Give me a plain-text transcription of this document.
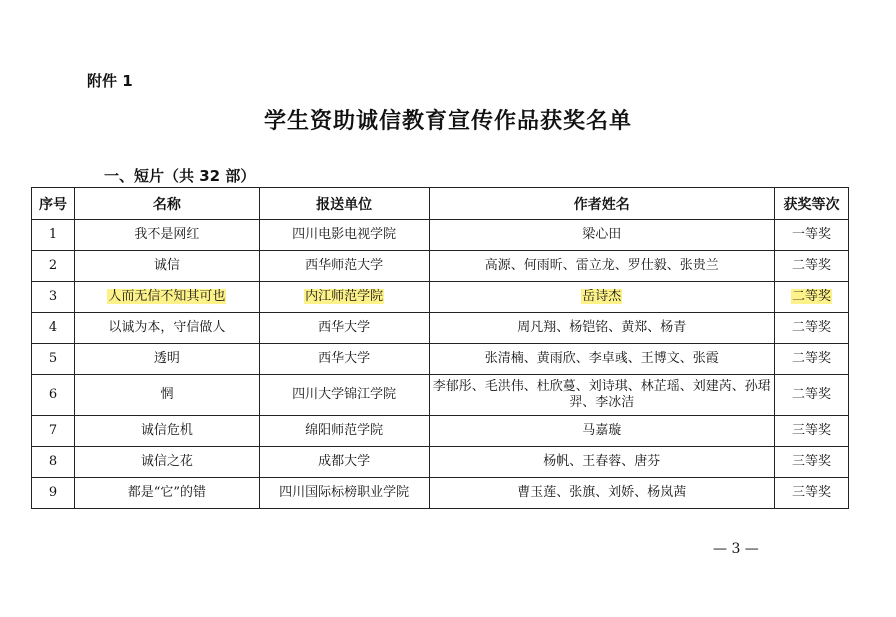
附件 1
学生资助诚信教育宣传作品获奖名单
一、短片（共 32 部）
序号	名称	报送单位	作者姓名	获奖等次
1	我不是网红	四川电影电视学院	梁心田	一等奖
2	诚信	西华师范大学	高源、何雨昕、雷立龙、罗仕毅、张贵兰	二等奖
3	人而无信不知其可也	内江师范学院	岳诗杰	二等奖
4	以诚为本，守信做人	西华大学	周凡翔、杨铠铭、黄郑、杨青	二等奖
5	透明	西华大学	张清楠、黄雨欣、李卓彧、王博文、张霞	二等奖
6	惘	四川大学锦江学院	李郁彤、毛洪伟、杜欣蔓、刘诗琪、林芷瑶、刘建芮、孙珺羿、李冰洁	二等奖
7	诚信危机	绵阳师范学院	马嘉璇	三等奖
8	诚信之花	成都大学	杨帆、王春蓉、唐芬	三等奖
9	都是“它”的错	四川国际标榜职业学院	曹玉莲、张旗、刘娇、杨岚茜	三等奖
— 3 —
